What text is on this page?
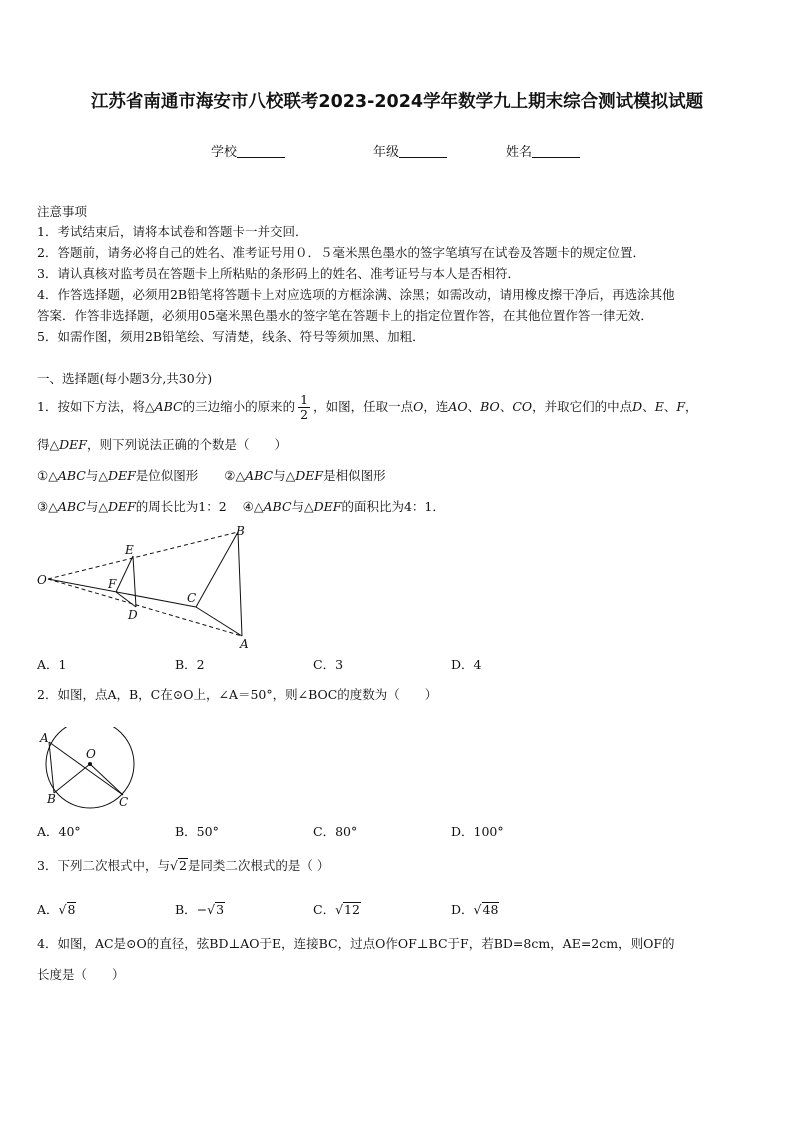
江苏省南通市海安市八校联考2023-2024学年数学九上期末综合测试模拟试题
学校	年级	姓名
注意事项
1．考试结束后，请将本试卷和答题卡一并交回．
2．答题前，请务必将自己的姓名、准考证号用０．５毫米黑色墨水的签字笔填写在试卷及答题卡的规定位置．
3．请认真核对监考员在答题卡上所粘贴的条形码上的姓名、准考证号与本人是否相符．
4．作答选择题，必须用2B铅笔将答题卡上对应选项的方框涂满、涂黑；如需改动，请用橡皮擦干净后，再选涂其他
答案．作答非选择题，必须用05毫米黑色墨水的签字笔在答题卡上的指定位置作答，在其他位置作答一律无效．
5．如需作图，须用2B铅笔绘、写清楚，线条、符号等须加黑、加粗．
一、选择题(每小题3分,共30分)
1．按如下方法，将△ABC的三边缩小的原来的 $\frac{1}{2}$ ，如图，任取一点O，连AO、BO、CO，并取它们的中点D、E、F，
得△DEF，则下列说法正确的个数是（　　）
①△ABC与△DEF是位似图形 ②△ABC与△DEF是相似图形
③△ABC与△DEF的周长比为1：2 ④△ABC与△DEF的面积比为4：1．
O
E
F
D
C
B
A
A．1	B．2	C．3	D．4
2．如图，点A，B，C在⊙O上，∠A＝50°，则∠BOC的度数为（　　）
A
O
B	C
A．40°	B．50°	C．80°	D．100°
3．下列二次根式中，与√2是同类二次根式的是（ ）
A．√8	B．−√3	C．√12	D．√48
4．如图，AC是⊙O的直径，弦BD⊥AO于E，连接BC，过点O作OF⊥BC于F，若BD=8cm，AE=2cm，则OF的
长度是（　　）
